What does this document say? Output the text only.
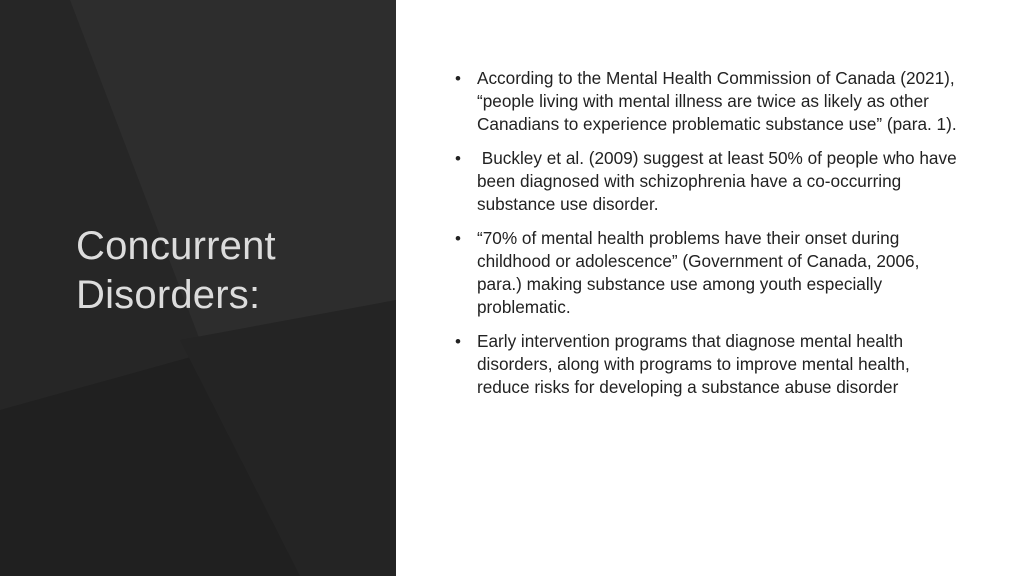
Concurrent
Disorders:
• According to the Mental Health Commission of Canada (2021), “people living with mental illness are twice as likely as other Canadians to experience problematic substance use” (para. 1).
• Buckley et al. (2009) suggest at least 50% of people who have been diagnosed with schizophrenia have a co-occurring substance use disorder.
• “70% of mental health problems have their onset during childhood or adolescence” (Government of Canada, 2006, para.) making substance use among youth especially problematic.
• Early intervention programs that diagnose mental health disorders, along with programs to improve mental health, reduce risks for developing a substance abuse disorder
